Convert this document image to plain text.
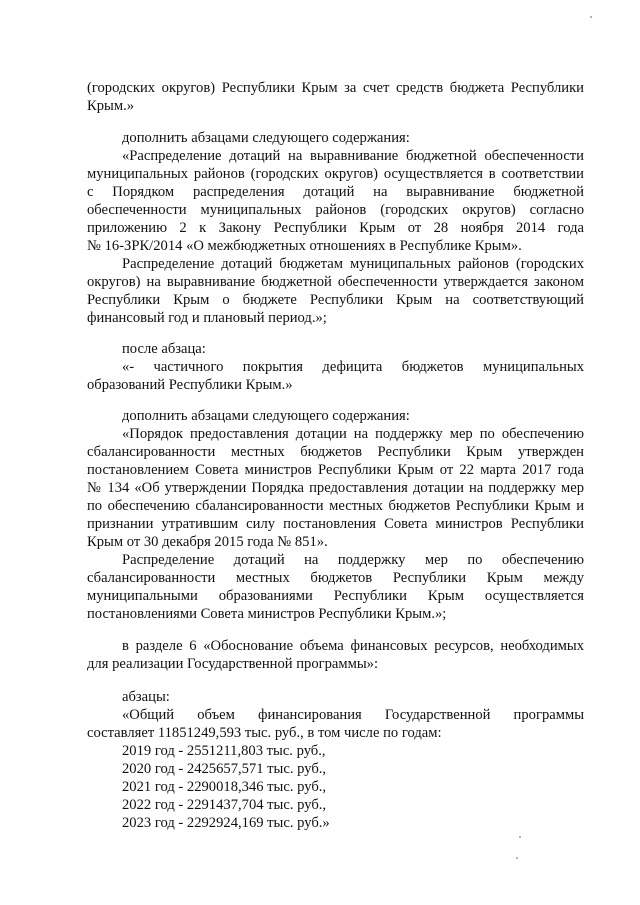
(городских округов) Республики Крым за счет средств бюджета Республики
Крым.»
дополнить абзацами следующего содержания:
«Распределение дотаций на выравнивание бюджетной обеспеченности
муниципальных районов (городских округов) осуществляется в соответствии
с Порядком распределения дотаций на выравнивание бюджетной
обеспеченности муниципальных районов (городских округов) согласно
приложению 2 к Закону Республики Крым от 28 ноября 2014 года
№ 16-ЗРК/2014 «О межбюджетных отношениях в Республике Крым».
Распределение дотаций бюджетам муниципальных районов (городских
округов) на выравнивание бюджетной обеспеченности утверждается законом
Республики Крым о бюджете Республики Крым на соответствующий
финансовый год и плановый период.»;
после абзаца:
«- частичного покрытия дефицита бюджетов муниципальных
образований Республики Крым.»
дополнить абзацами следующего содержания:
«Порядок предоставления дотации на поддержку мер по обеспечению
сбалансированности местных бюджетов Республики Крым утвержден
постановлением Совета министров Республики Крым от 22 марта 2017 года
№ 134 «Об утверждении Порядка предоставления дотации на поддержку мер
по обеспечению сбалансированности местных бюджетов Республики Крым и
признании утратившим силу постановления Совета министров Республики
Крым от 30 декабря 2015 года № 851».
Распределение дотаций на поддержку мер по обеспечению
сбалансированности местных бюджетов Республики Крым между
муниципальными образованиями Республики Крым осуществляется
постановлениями Совета министров Республики Крым.»;
в разделе 6 «Обоснование объема финансовых ресурсов, необходимых
для реализации Государственной программы»:
абзацы:
«Общий объем финансирования Государственной программы
составляет 11851249,593 тыс. руб., в том числе по годам:
2019 год - 2551211,803 тыс. руб.,
2020 год - 2425657,571 тыс. руб.,
2021 год - 2290018,346 тыс. руб.,
2022 год - 2291437,704 тыс. руб.,
2023 год - 2292924,169 тыс. руб.»
